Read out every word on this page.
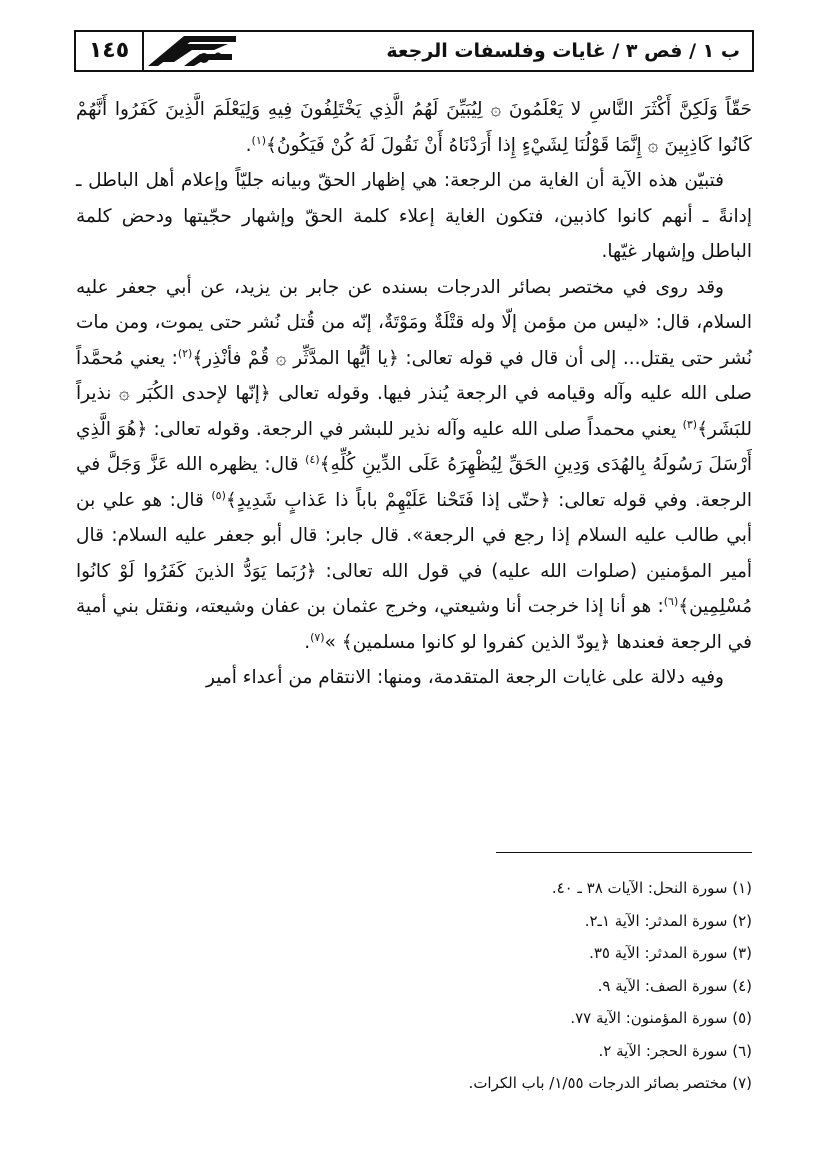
١٤٥	ب ١ / فص ٣ / غايات وفلسفات الرجعة

حَقّاً وَلَكِنَّ أَكْثَرَ النَّاسِ لا يَعْلَمُونَ ۞ لِيُبَيِّنَ لَهُمُ الَّذِي يَخْتَلِفُونَ فِيهِ وَلِيَعْلَمَ الَّذِينَ كَفَرُوا أَنَّهُمْ كَانُوا كَاذِبِينَ ۞ إِنَّمَا قَوْلُنَا لِشَيْءٍ إِذا أَرَدْنَاهُ أَنْ نَقُولَ لَهُ كُنْ فَيَكُونُ﴾$^{(١)}$.

فتبيّن هذه الآية أن الغاية من الرجعة: هي إظهار الحقّ وبيانه جليّاً وإعلام أهل الباطل ـ إدانةً ـ أنهم كانوا كاذبين، فتكون الغاية إعلاء كلمة الحقّ وإشهار حجّيتها ودحض كلمة الباطل وإشهار غيّها.

وقد روى في مختصر بصائر الدرجات بسنده عن جابر بن يزيد، عن أبي جعفر عليه السلام، قال: «ليس من مؤمن إلّا وله قتْلَةٌ ومَوْتَةٌ، إنّه من قُتل نُشر حتى يموت، ومن مات نُشر حتى يقتل... إلى أن قال في قوله تعالى: ﴿يا أيُّها المدَّثِّر ۞ قُمْ فأنْذِر﴾$^{(٢)}$: يعني مُحمَّداً صلى الله عليه وآله وقيامه في الرجعة يُنذر فيها. وقوله تعالى ﴿إنّها لإحدى الكُبَر ۞ نذيراً للبَشَر﴾$^{(٣)}$ يعني محمداً صلى الله عليه وآله نذير للبشر في الرجعة. وقوله تعالى: ﴿هُوَ الَّذِي أَرْسَلَ رَسُولَهُ بِالهُدَى وَدِينِ الحَقِّ لِيُظْهِرَهُ عَلَى الدِّينِ كُلِّهِ﴾$^{(٤)}$ قال: يظهره الله عَزَّ وَجَلَّ في الرجعة. وفي قوله تعالى: ﴿حتّى إذا فَتَحْنا عَلَيْهِمْ باباً ذا عَذابٍ شَدِيدٍ﴾$^{(٥)}$ قال: هو علي بن أبي طالب عليه السلام إذا رجع في الرجعة». قال جابر: قال أبو جعفر عليه السلام: قال أمير المؤمنين (صلوات الله عليه) في قول الله تعالى: ﴿رُبَما يَوَدُّ الذينَ كَفَرُوا لَوْ كانُوا مُسْلِمِين﴾$^{(٦)}$: هو أنا إذا خرجت أنا وشيعتي، وخرج عثمان بن عفان وشيعته، ونقتل بني أمية في الرجعة فعندها ﴿يودّ الذين كفروا لو كانوا مسلمين﴾ »$^{(٧)}$.

وفيه دلالة على غايات الرجعة المتقدمة، ومنها: الانتقام من أعداء أمير

(١) سورة النحل: الآيات ٣٨ ـ ٤٠.
(٢) سورة المدثر: الآية ١ـ٢.
(٣) سورة المدثر: الآية ٣٥.
(٤) سورة الصف: الآية ٩.
(٥) سورة المؤمنون: الآية ٧٧.
(٦) سورة الحجر: الآية ٢.
(٧) مختصر بصائر الدرجات ١/٥٥/ باب الكرات.
